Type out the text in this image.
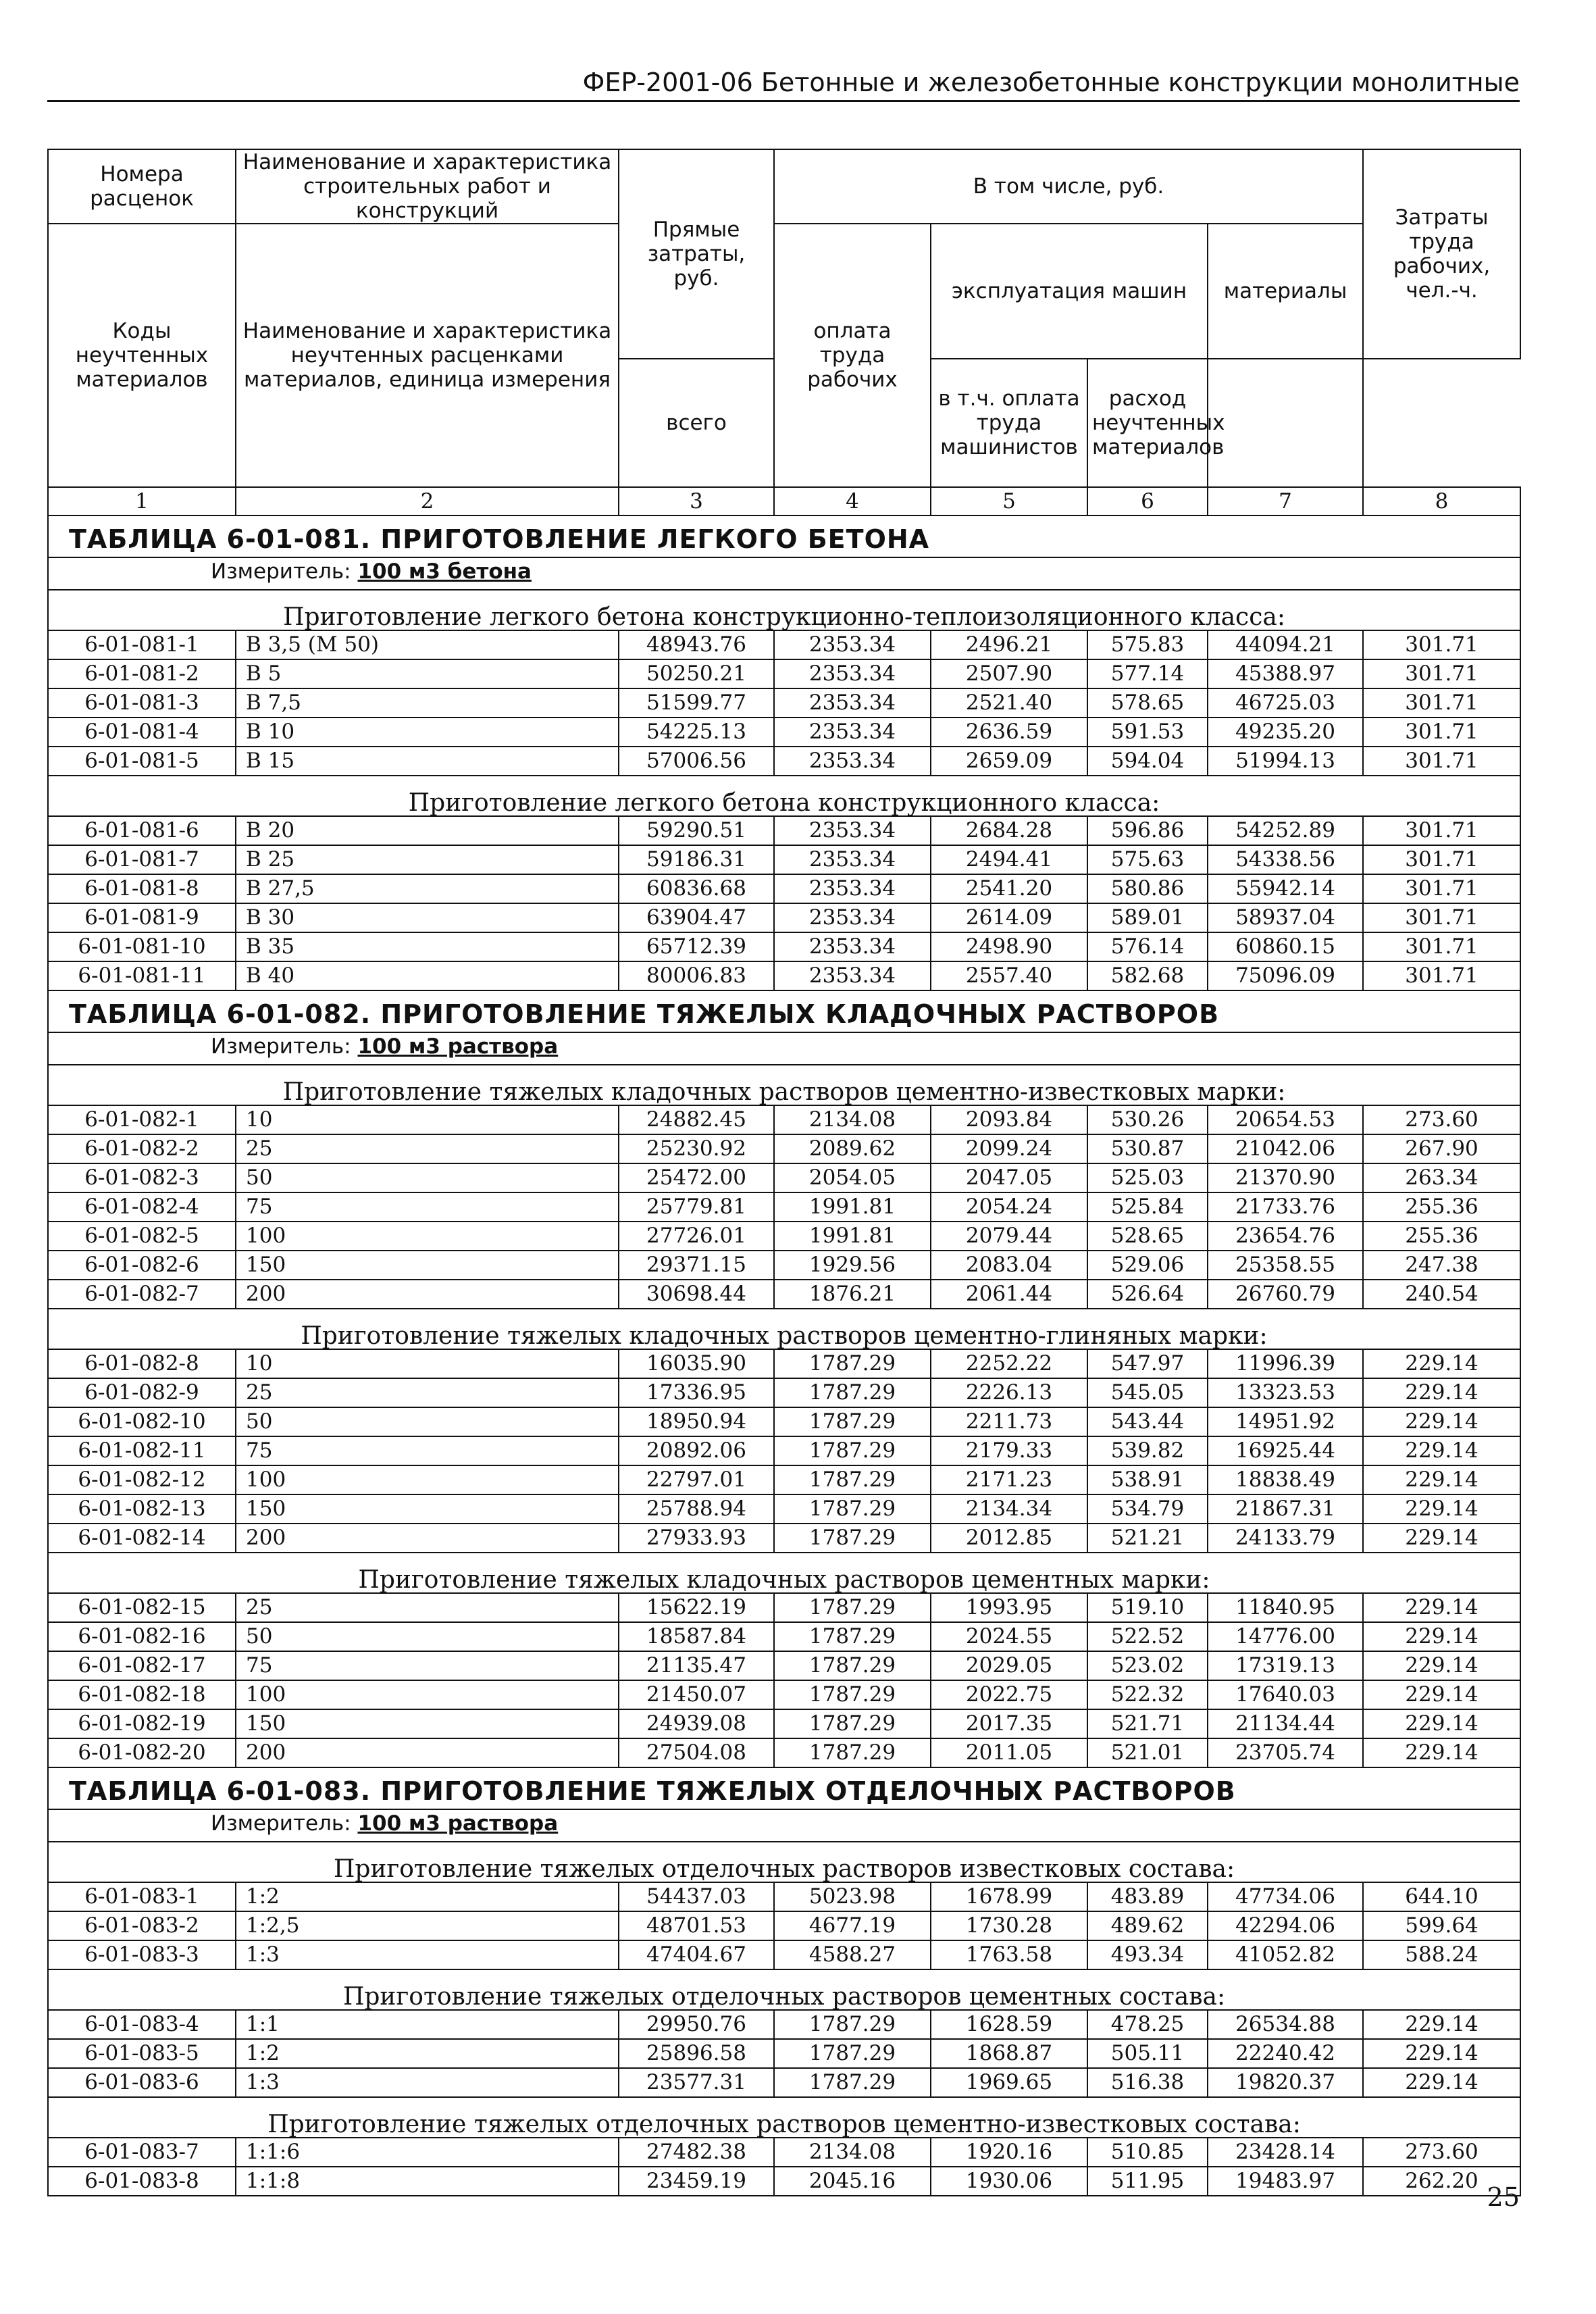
ФЕР-2001-06 Бетонные и железобетонные конструкции монолитные
Номера расценок	Наименование и характеристика строительных работ и конструкций	Прямые затраты, руб.	В том числе, руб.				Затраты труда рабочих, чел.-ч.
Коды неучтенных материалов	Наименование и характеристика неучтенных расценками материалов, единица измерения		оплата труда рабочих	эксплуатация машин		материалы	
		всего		в т.ч. оплата труда машинистов	расход неучтенных материалов		
1	2	3	4	5	6	7	8
ТАБЛИЦА 6-01-081. ПРИГОТОВЛЕНИЕ ЛЕГКОГО БЕТОНА							
Измеритель: 100 м3 бетона							
Приготовление легкого бетона конструкционно-теплоизоляционного класса:							
6-01-081-1	В 3,5 (М 50)	48943.76	2353.34	2496.21	575.83	44094.21	301.71
6-01-081-2	В 5	50250.21	2353.34	2507.90	577.14	45388.97	301.71
6-01-081-3	В 7,5	51599.77	2353.34	2521.40	578.65	46725.03	301.71
6-01-081-4	В 10	54225.13	2353.34	2636.59	591.53	49235.20	301.71
6-01-081-5	В 15	57006.56	2353.34	2659.09	594.04	51994.13	301.71
Приготовление легкого бетона конструкционного класса:							
6-01-081-6	В 20	59290.51	2353.34	2684.28	596.86	54252.89	301.71
6-01-081-7	В 25	59186.31	2353.34	2494.41	575.63	54338.56	301.71
6-01-081-8	В 27,5	60836.68	2353.34	2541.20	580.86	55942.14	301.71
6-01-081-9	В 30	63904.47	2353.34	2614.09	589.01	58937.04	301.71
6-01-081-10	В 35	65712.39	2353.34	2498.90	576.14	60860.15	301.71
6-01-081-11	В 40	80006.83	2353.34	2557.40	582.68	75096.09	301.71
ТАБЛИЦА 6-01-082. ПРИГОТОВЛЕНИЕ ТЯЖЕЛЫХ КЛАДОЧНЫХ РАСТВОРОВ							
Измеритель: 100 м3 раствора							
Приготовление тяжелых кладочных растворов цементно-известковых марки:							
6-01-082-1	10	24882.45	2134.08	2093.84	530.26	20654.53	273.60
6-01-082-2	25	25230.92	2089.62	2099.24	530.87	21042.06	267.90
6-01-082-3	50	25472.00	2054.05	2047.05	525.03	21370.90	263.34
6-01-082-4	75	25779.81	1991.81	2054.24	525.84	21733.76	255.36
6-01-082-5	100	27726.01	1991.81	2079.44	528.65	23654.76	255.36
6-01-082-6	150	29371.15	1929.56	2083.04	529.06	25358.55	247.38
6-01-082-7	200	30698.44	1876.21	2061.44	526.64	26760.79	240.54
Приготовление тяжелых кладочных растворов цементно-глиняных марки:							
6-01-082-8	10	16035.90	1787.29	2252.22	547.97	11996.39	229.14
6-01-082-9	25	17336.95	1787.29	2226.13	545.05	13323.53	229.14
6-01-082-10	50	18950.94	1787.29	2211.73	543.44	14951.92	229.14
6-01-082-11	75	20892.06	1787.29	2179.33	539.82	16925.44	229.14
6-01-082-12	100	22797.01	1787.29	2171.23	538.91	18838.49	229.14
6-01-082-13	150	25788.94	1787.29	2134.34	534.79	21867.31	229.14
6-01-082-14	200	27933.93	1787.29	2012.85	521.21	24133.79	229.14
Приготовление тяжелых кладочных растворов цементных марки:							
6-01-082-15	25	15622.19	1787.29	1993.95	519.10	11840.95	229.14
6-01-082-16	50	18587.84	1787.29	2024.55	522.52	14776.00	229.14
6-01-082-17	75	21135.47	1787.29	2029.05	523.02	17319.13	229.14
6-01-082-18	100	21450.07	1787.29	2022.75	522.32	17640.03	229.14
6-01-082-19	150	24939.08	1787.29	2017.35	521.71	21134.44	229.14
6-01-082-20	200	27504.08	1787.29	2011.05	521.01	23705.74	229.14
ТАБЛИЦА 6-01-083. ПРИГОТОВЛЕНИЕ ТЯЖЕЛЫХ ОТДЕЛОЧНЫХ РАСТВОРОВ							
Измеритель: 100 м3 раствора							
Приготовление тяжелых отделочных растворов известковых состава:							
6-01-083-1	1:2	54437.03	5023.98	1678.99	483.89	47734.06	644.10
6-01-083-2	1:2,5	48701.53	4677.19	1730.28	489.62	42294.06	599.64
6-01-083-3	1:3	47404.67	4588.27	1763.58	493.34	41052.82	588.24
Приготовление тяжелых отделочных растворов цементных состава:							
6-01-083-4	1:1	29950.76	1787.29	1628.59	478.25	26534.88	229.14
6-01-083-5	1:2	25896.58	1787.29	1868.87	505.11	22240.42	229.14
6-01-083-6	1:3	23577.31	1787.29	1969.65	516.38	19820.37	229.14
Приготовление тяжелых отделочных растворов цементно-известковых состава:							
6-01-083-7	1:1:6	27482.38	2134.08	1920.16	510.85	23428.14	273.60
6-01-083-8	1:1:8	23459.19	2045.16	1930.06	511.95	19483.97	262.20
25
